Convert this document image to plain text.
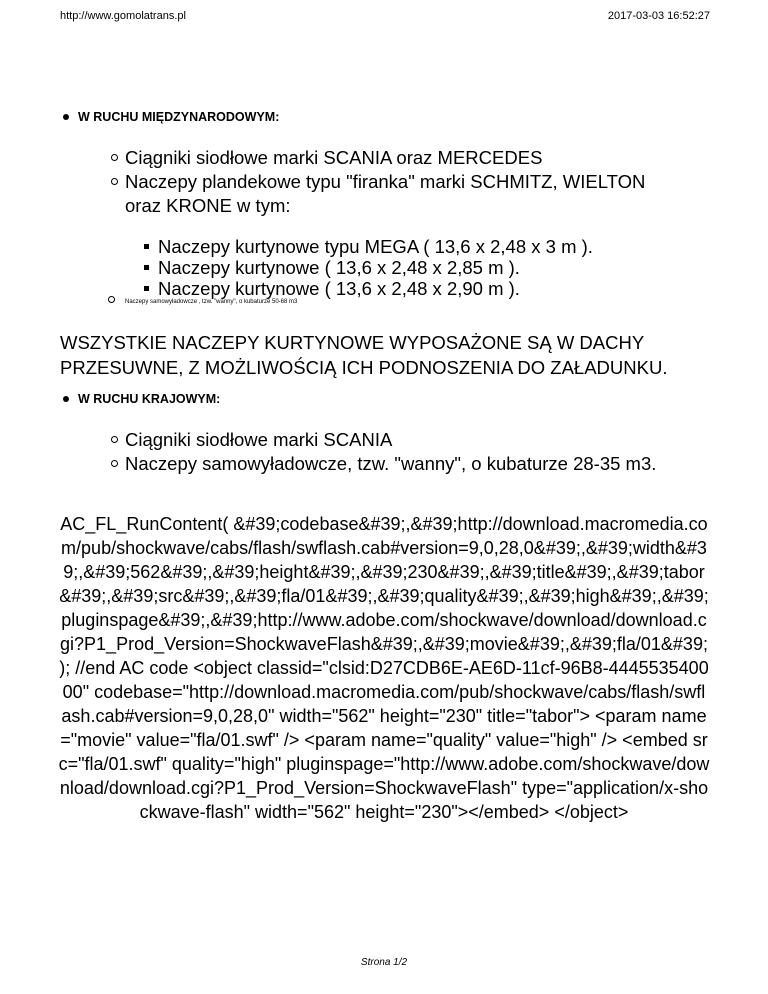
http://www.gomolatrans.pl	2017-03-03 16:52:27
W RUCHU MIĘDZYNARODOWYM:
Ciągniki siodłowe marki SCANIA oraz MERCEDES
Naczepy plandekowe typu "firanka" marki SCHMITZ, WIELTON
oraz KRONE w tym:
Naczepy kurtynowe typu MEGA ( 13,6 x 2,48 x 3 m ).
Naczepy kurtynowe ( 13,6 x 2,48 x 2,85 m ).
Naczepy kurtynowe ( 13,6 x 2,48 x 2,90 m ).
Naczepy samowyładowcze , tzw. "wanny", o kubaturze 50-68 m3
WSZYSTKIE NACZEPY KURTYNOWE WYPOSAŻONE SĄ W DACHY
PRZESUWNE, Z MOŻLIWOŚCIĄ ICH PODNOSZENIA DO ZAŁADUNKU.
W RUCHU KRAJOWYM:
Ciągniki siodłowe marki SCANIA
Naczepy samowyładowcze, tzw. "wanny", o kubaturze 28-35 m3.
AC_FL_RunContent( &#39;codebase&#39;,&#39;http://download.macromedia.com/pub/shockwave/cabs/flash/swflash.cab#version=9,0,28,0&#39;,&#39;width&#39;,&#39;562&#39;,&#39;height&#39;,&#39;230&#39;,&#39;title&#39;,&#39;tabor&#39;,&#39;src&#39;,&#39;fla/01&#39;,&#39;quality&#39;,&#39;high&#39;,&#39;pluginspage&#39;,&#39;http://www.adobe.com/shockwave/download/download.cgi?P1_Prod_Version=ShockwaveFlash&#39;,&#39;movie&#39;,&#39;fla/01&#39; ); //end AC code <object classid="clsid:D27CDB6E-AE6D-11cf-96B8-444553540000" codebase="http://download.macromedia.com/pub/shockwave/cabs/flash/swflash.cab#version=9,0,28,0" width="562" height="230" title="tabor"> <param name="movie" value="fla/01.swf" /> <param name="quality" value="high" /> <embed src="fla/01.swf" quality="high" pluginspage="http://www.adobe.com/shockwave/download/download.cgi?P1_Prod_Version=ShockwaveFlash" type="application/x-shockwave-flash" width="562" height="230"></embed> </object>
Strona 1/2
